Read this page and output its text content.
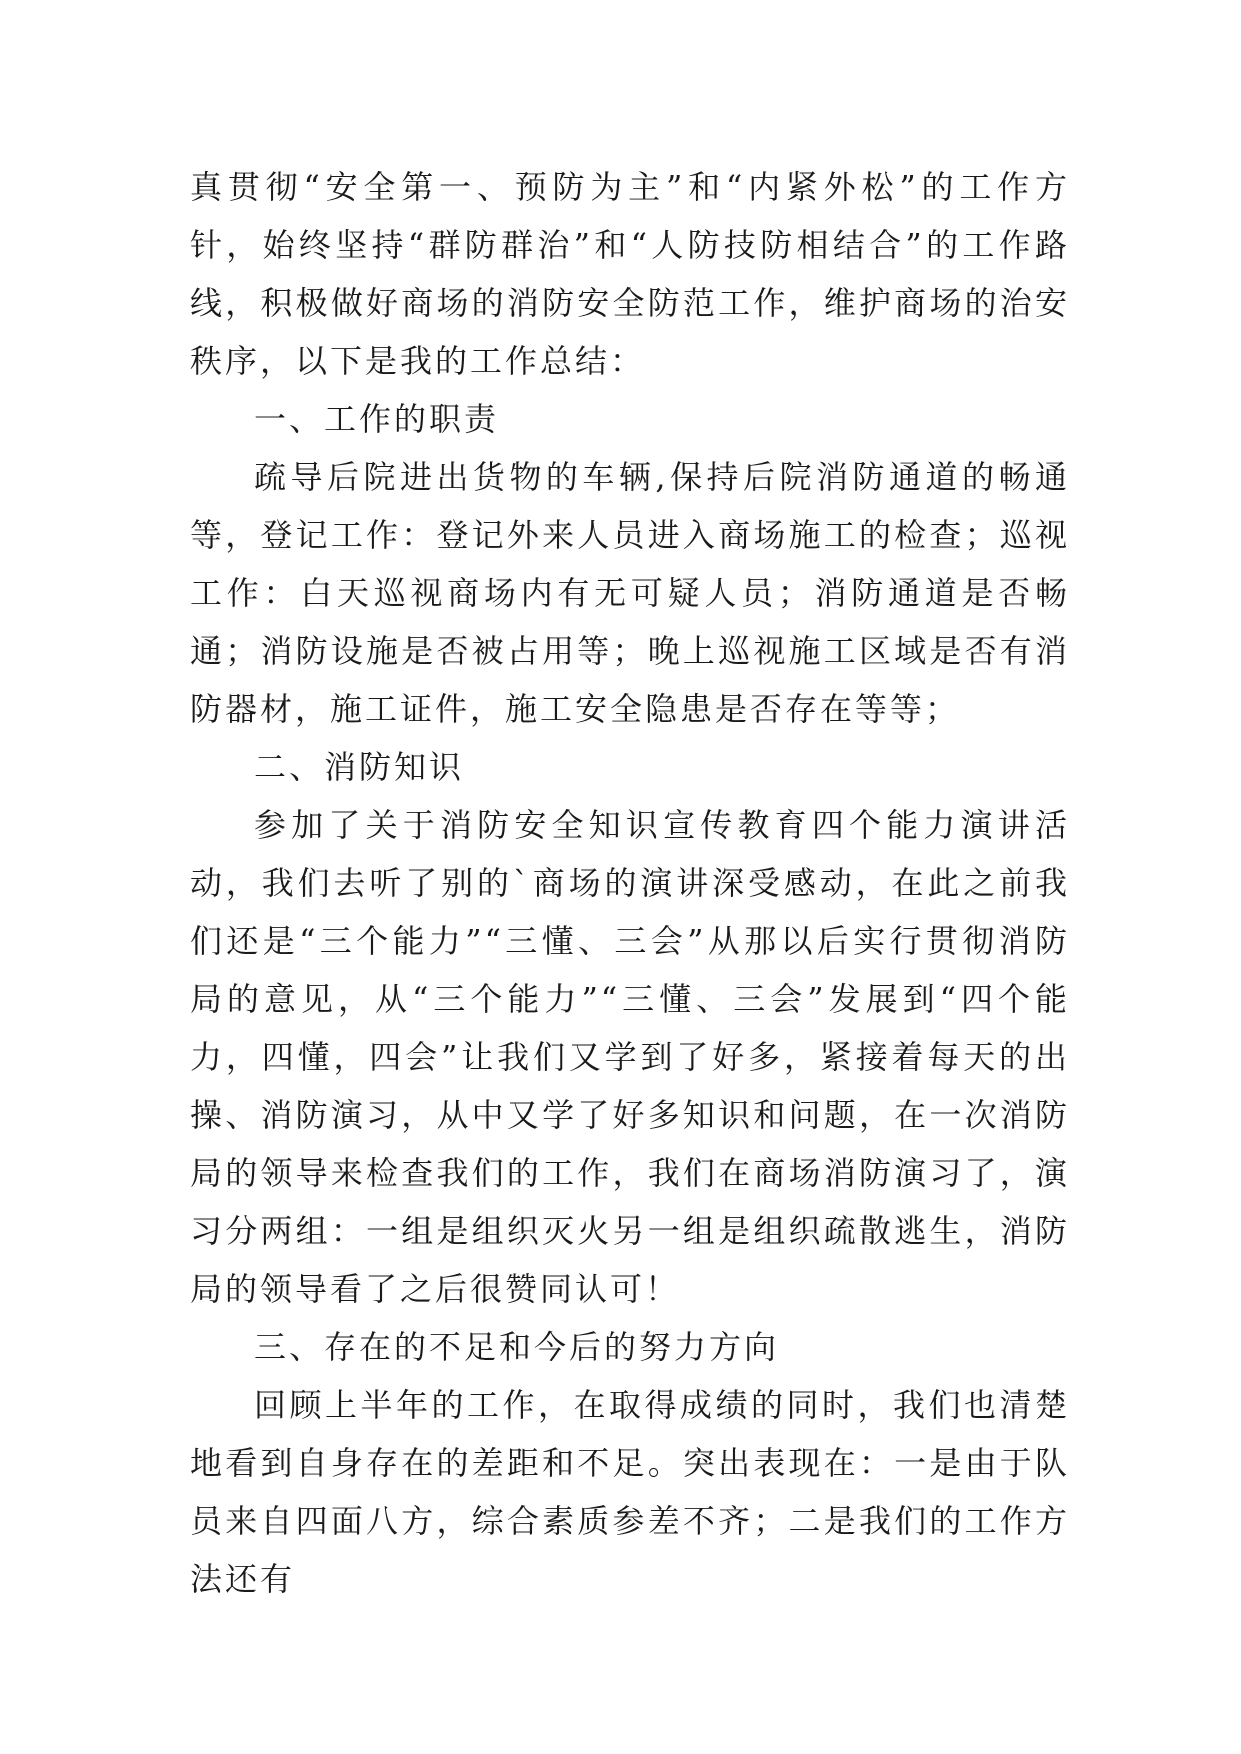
真贯彻“安全第一、预防为主”和“内紧外松”的工作方针，始终坚持“群防群治”和“人防技防相结合”的工作路线，积极做好商场的消防安全防范工作，维护商场的治安秩序，以下是我的工作总结：

一、工作的职责

疏导后院进出货物的车辆,保持后院消防通道的畅通等，登记工作：登记外来人员进入商场施工的检查；巡视工作：白天巡视商场内有无可疑人员；消防通道是否畅通；消防设施是否被占用等；晚上巡视施工区域是否有消防器材，施工证件，施工安全隐患是否存在等等；

二、消防知识

参加了关于消防安全知识宣传教育四个能力演讲活动，我们去听了别的`商场的演讲深受感动，在此之前我们还是“三个能力”“三懂、三会”从那以后实行贯彻消防局的意见，从“三个能力”“三懂、三会”发展到“四个能力，四懂，四会”让我们又学到了好多，紧接着每天的出操、消防演习，从中又学了好多知识和问题，在一次消防局的领导来检查我们的工作，我们在商场消防演习了，演习分两组：一组是组织灭火另一组是组织疏散逃生，消防局的领导看了之后很赞同认可！

三、存在的不足和今后的努力方向

回顾上半年的工作，在取得成绩的同时，我们也清楚地看到自身存在的差距和不足。突出表现在：一是由于队员来自四面八方，综合素质参差不齐；二是我们的工作方法还有
